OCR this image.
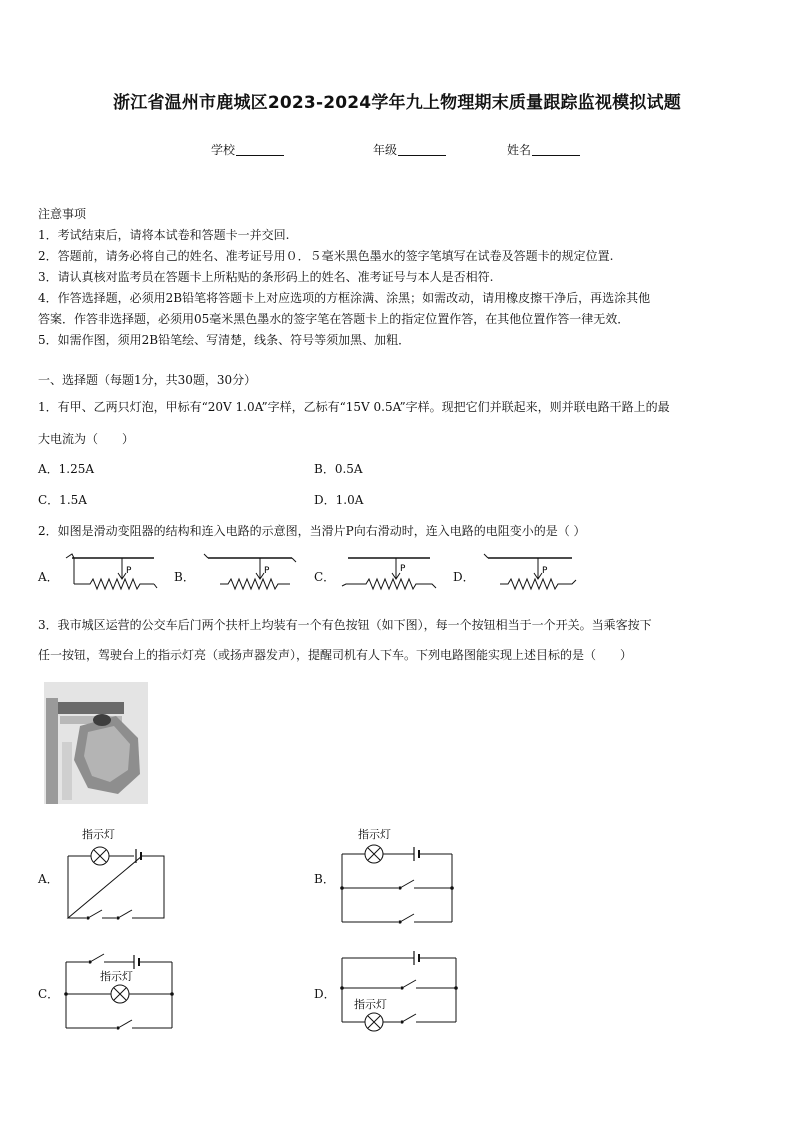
浙江省温州市鹿城区2023-2024学年九上物理期末质量跟踪监视模拟试题
学校	年级	姓名
注意事项
1．考试结束后，请将本试卷和答题卡一并交回.
2．答题前，请务必将自己的姓名、准考证号用０．５毫米黑色墨水的签字笔填写在试卷及答题卡的规定位置.
3．请认真核对监考员在答题卡上所粘贴的条形码上的姓名、准考证号与本人是否相符.
4．作答选择题，必须用2B铅笔将答题卡上对应选项的方框涂满、涂黑；如需改动，请用橡皮擦干净后，再选涂其他
答案．作答非选择题，必须用05毫米黑色墨水的签字笔在答题卡上的指定位置作答，在其他位置作答一律无效．
5．如需作图，须用2B铅笔绘、写清楚，线条、符号等须加黑、加粗．
一、选择题（每题1分，共30题，30分）
1．有甲、乙两只灯泡，甲标有“20V 1.0A”字样，乙标有“15V 0.5A”字样。现把它们并联起来，则并联电路干路上的最
大电流为（　　）
A．1.25A	B．0.5A
C．1.5A	D．1.0A
2．如图是滑动变阻器的结构和连入电路的示意图，当滑片P向右滑动时，连入电路的电阻变小的是（ ）
A．	B．	C．	D．
P	P	P	P
3．我市城区运营的公交车后门两个扶杆上均装有一个有色按钮（如下图），每一个按钮相当于一个开关。当乘客按下
任一按钮，驾驶台上的指示灯亮（或扬声器发声），提醒司机有人下车。下列电路图能实现上述目标的是（　　）
A．	B．
C．	D．
指示灯	指示灯
指示灯
指示灯
